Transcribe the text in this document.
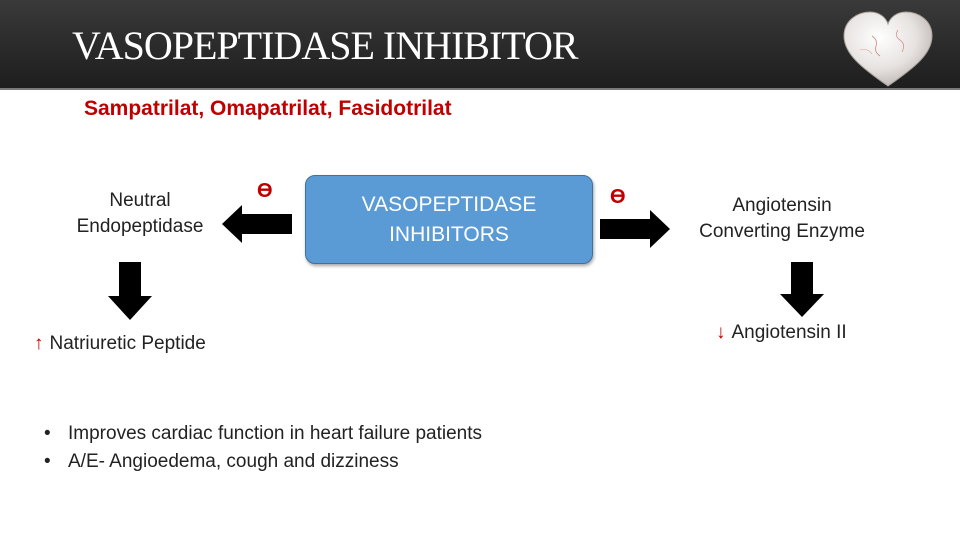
VASOPEPTIDASE INHIBITOR
Sampatrilat, Omapatrilat, Fasidotrilat
Neutral
Endopeptidase
ϴ
VASOPEPTIDASE
INHIBITORS
ϴ	Angiotensin
Converting Enzyme
↑ Natriuretic Peptide
↓ Angiotensin II
• Improves cardiac function in heart failure patients
• A/E- Angioedema, cough and dizziness
